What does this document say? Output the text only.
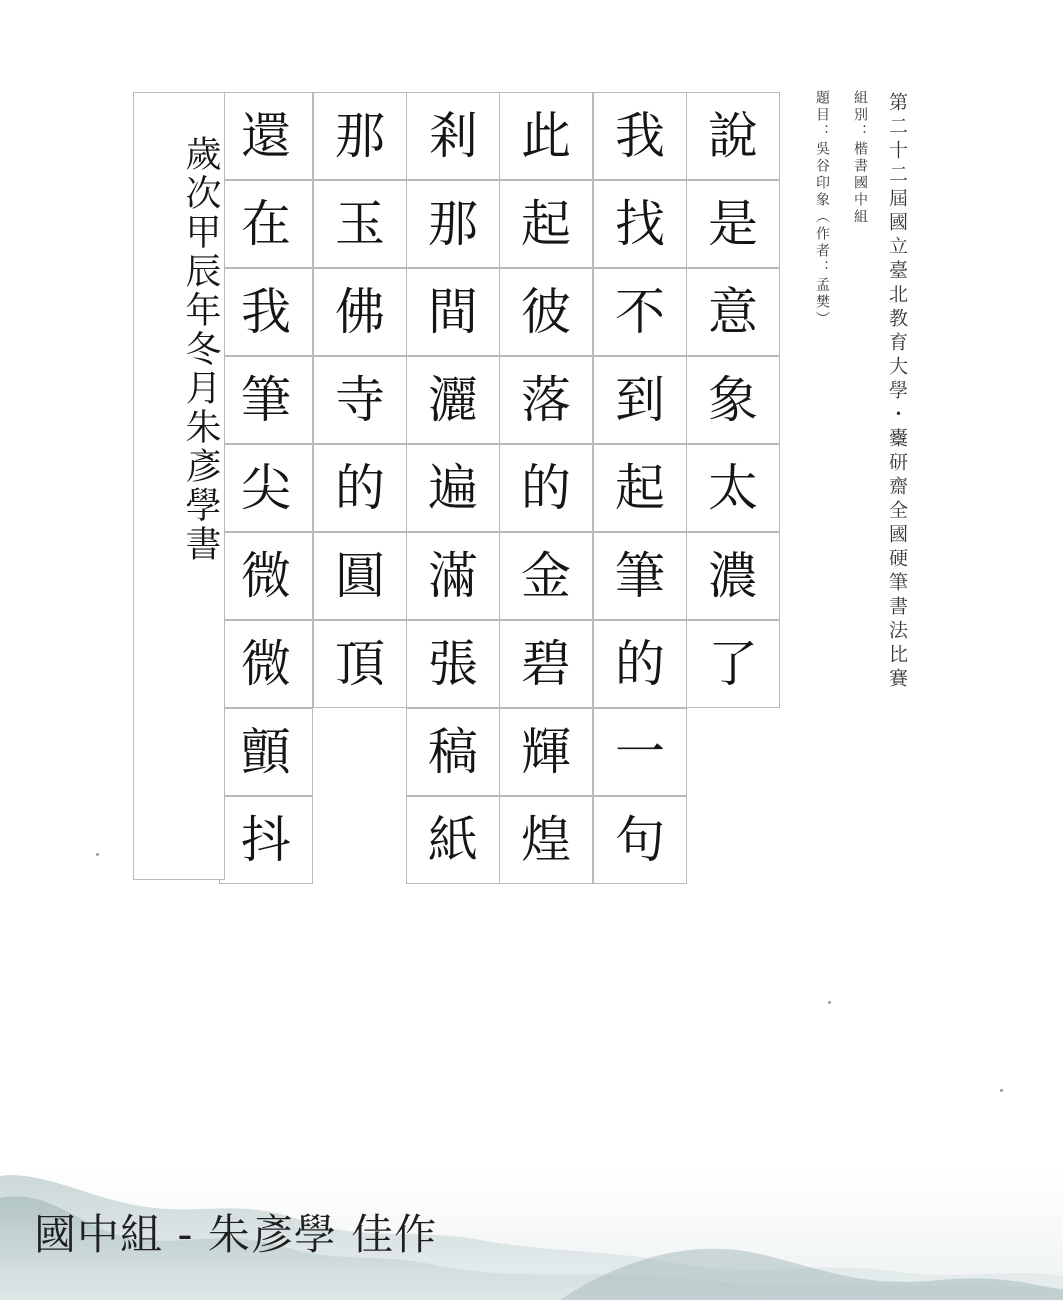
第二十二屆國立臺北教育大學・櫜研齋全國硬筆書法比賽
組別：楷書國中組
題目：吳谷印象（作者：孟樊）
說
是
意
象
太
濃
了
我
找
不
到
起
筆
的
一
句
此
起
彼
落
的
金
碧
輝
煌
剎
那
間
灑
遍
滿
張
稿
紙
那
玉
佛
寺
的
圓
頂
還
在
我
筆
尖
微
微
顫
抖
歲次甲辰年冬月朱彥學書
國中組 - 朱彥學 佳作
